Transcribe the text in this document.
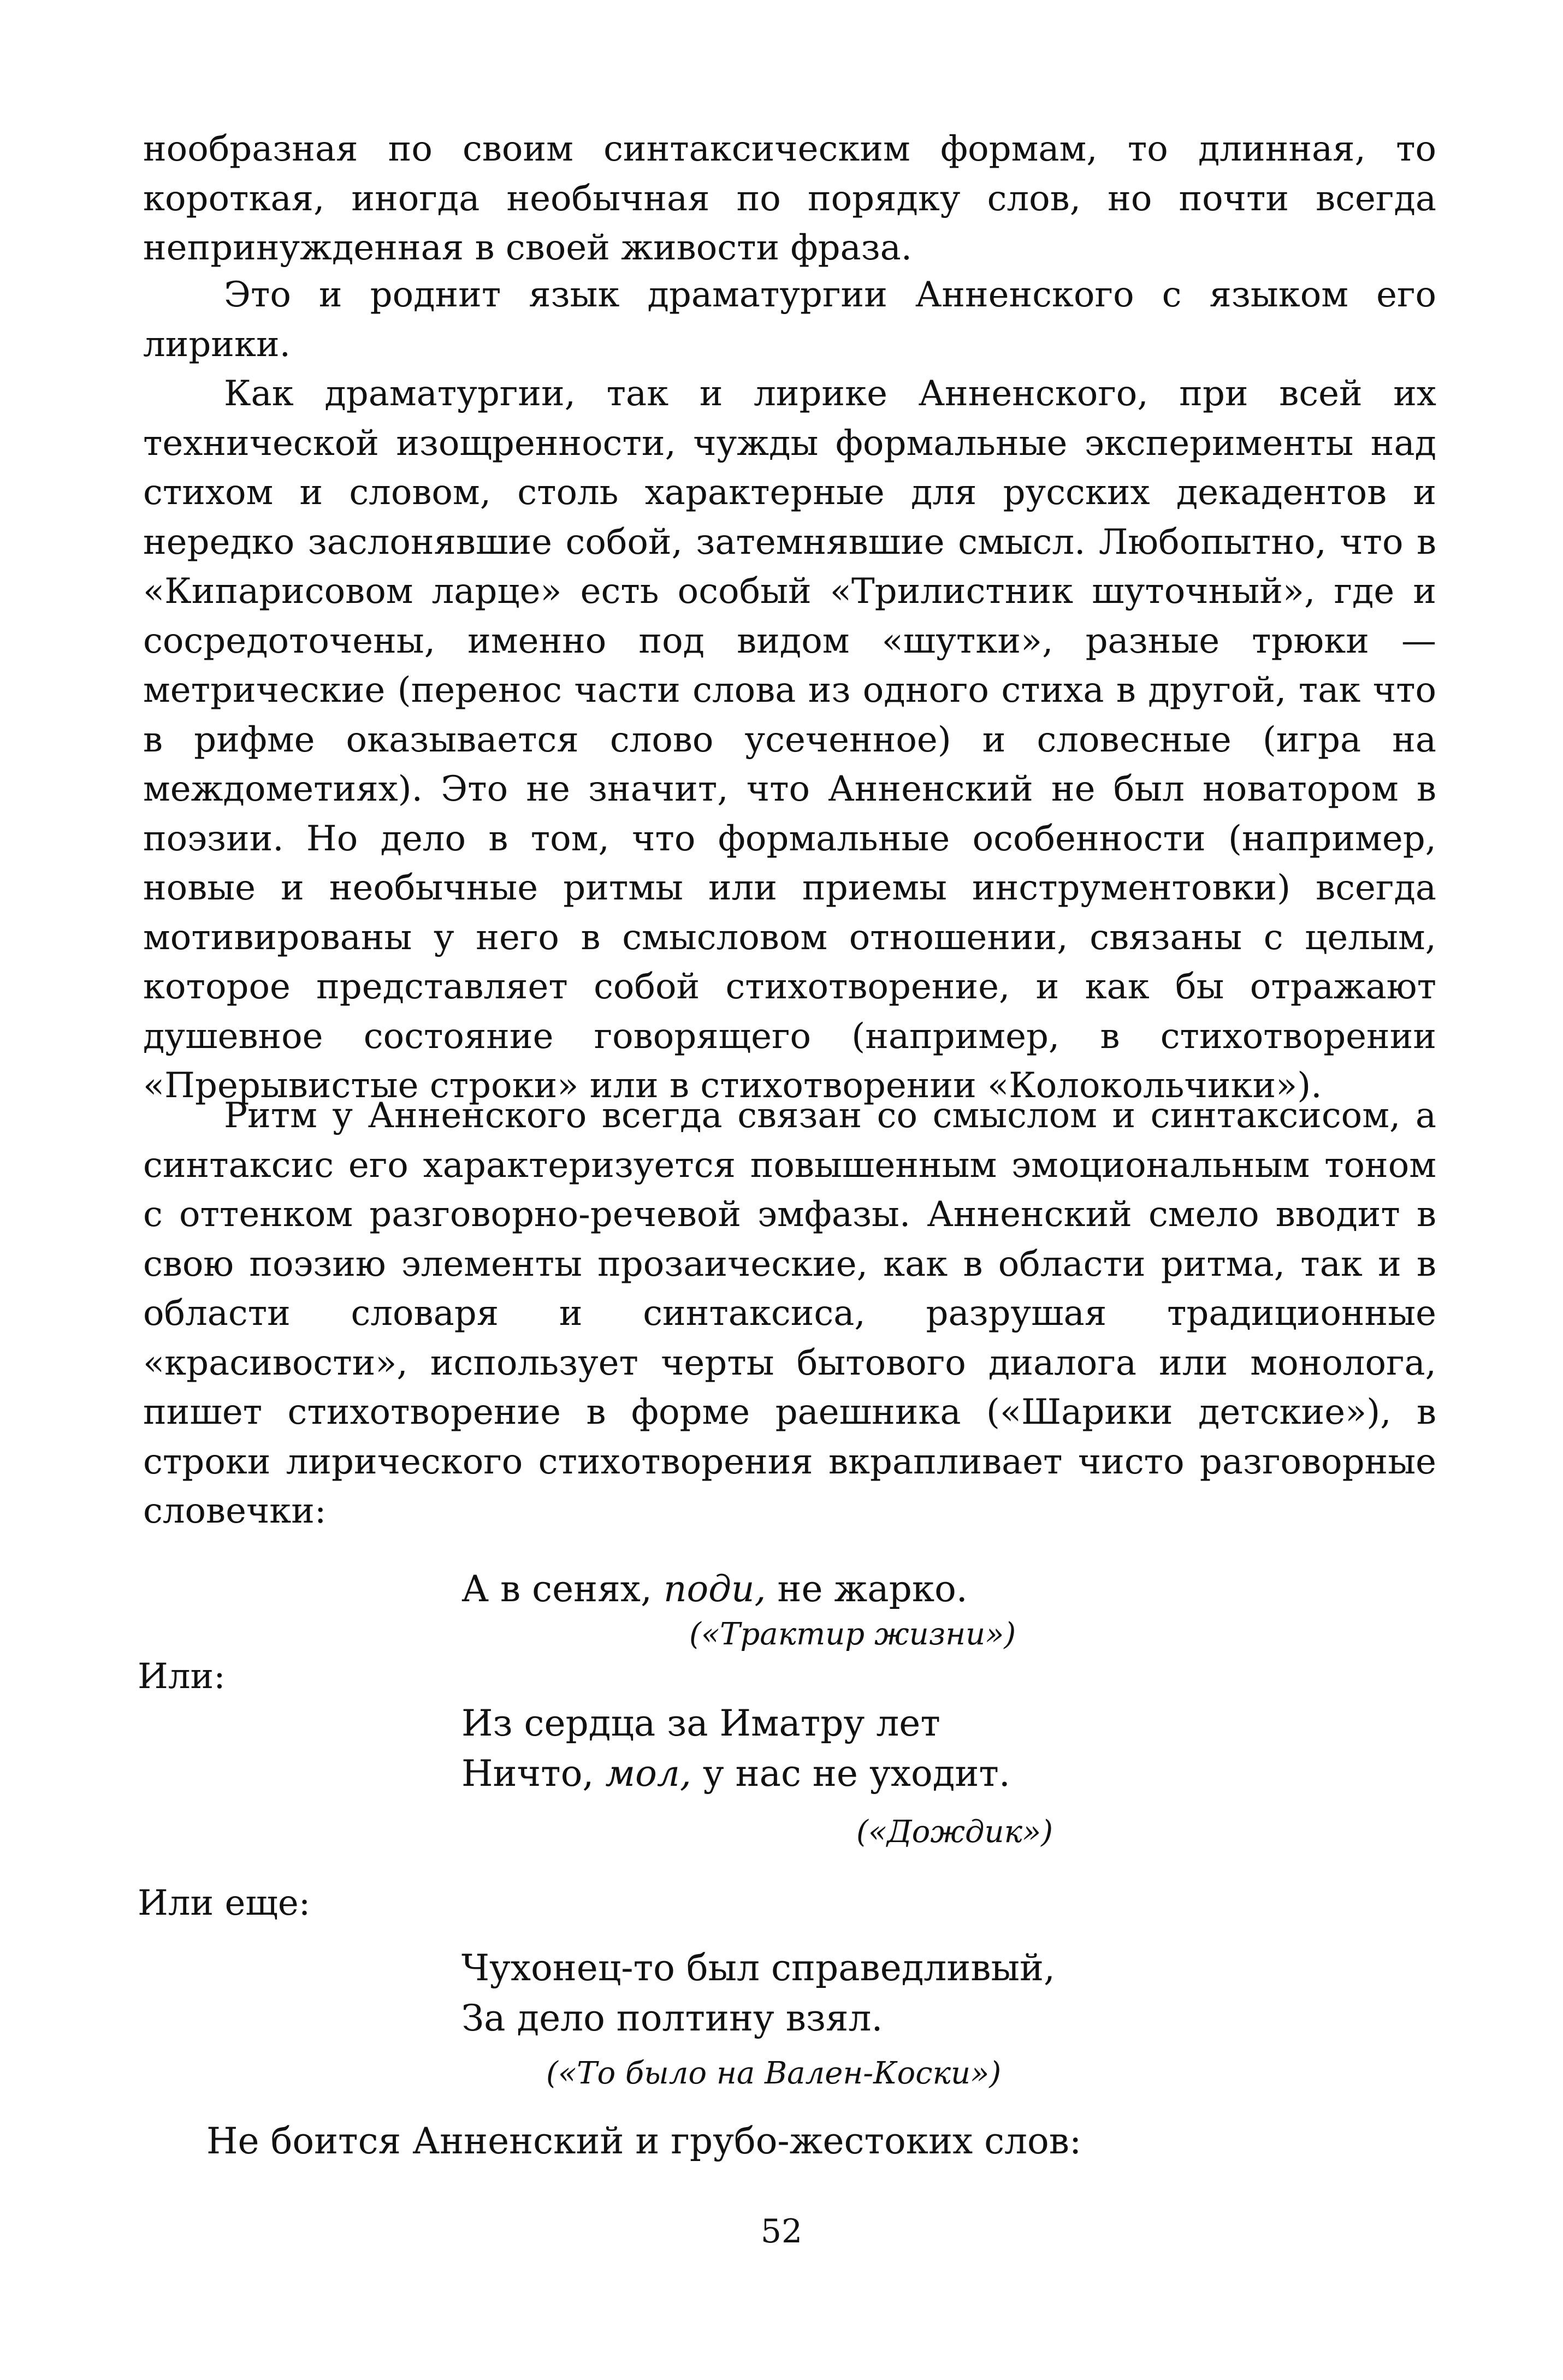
нообразная по своим синтаксическим формам, то длинная, то короткая, иногда необычная по порядку слов, но почти всегда непринужденная в своей живости фраза.

Это и роднит язык драматургии Анненского с языком его лирики.

Как драматургии, так и лирике Анненского, при всей их технической изощренности, чужды формальные эксперименты над стихом и словом, столь характерные для русских декадентов и нередко заслонявшие собой, затемнявшие смысл. Любопытно, что в «Кипарисовом ларце» есть особый «Трилистник шуточный», где и сосредоточены, именно под видом «шутки», разные трюки — метрические (перенос части слова из одного стиха в другой, так что в рифме оказывается слово усеченное) и словесные (игра на междометиях). Это не значит, что Анненский не был новатором в поэзии. Но дело в том, что формальные особенности (например, новые и необычные ритмы или приемы инструментовки) всегда мотивированы у него в смысловом отношении, связаны с целым, которое представляет собой стихотворение, и как бы отражают душевное состояние говорящего (например, в стихотворении «Прерывистые строки» или в стихотворении «Колокольчики»).

Ритм у Анненского всегда связан со смыслом и синтаксисом, а синтаксис его характеризуется повышенным эмоциональным тоном с оттенком разговорно-речевой эмфазы. Анненский смело вводит в свою поэзию элементы прозаические, как в области ритма, так и в области словаря и синтаксиса, разрушая традиционные «красивости», использует черты бытового диалога или монолога, пишет стихотворение в форме раешника («Шарики детские»), в строки лирического стихотворения вкрапливает чисто разговорные словечки:

А в сенях, поди, не жарко.

(«Трактир жизни»)

Или:

Из сердца за Иматру лет
Ничто, мол, у нас не уходит.

(«Дождик»)

Или еще:

Чухонец-то был справедливый,
За дело полтину взял.

(«То было на Вален-Коски»)

Не боится Анненский и грубо-жестоких слов:

52
